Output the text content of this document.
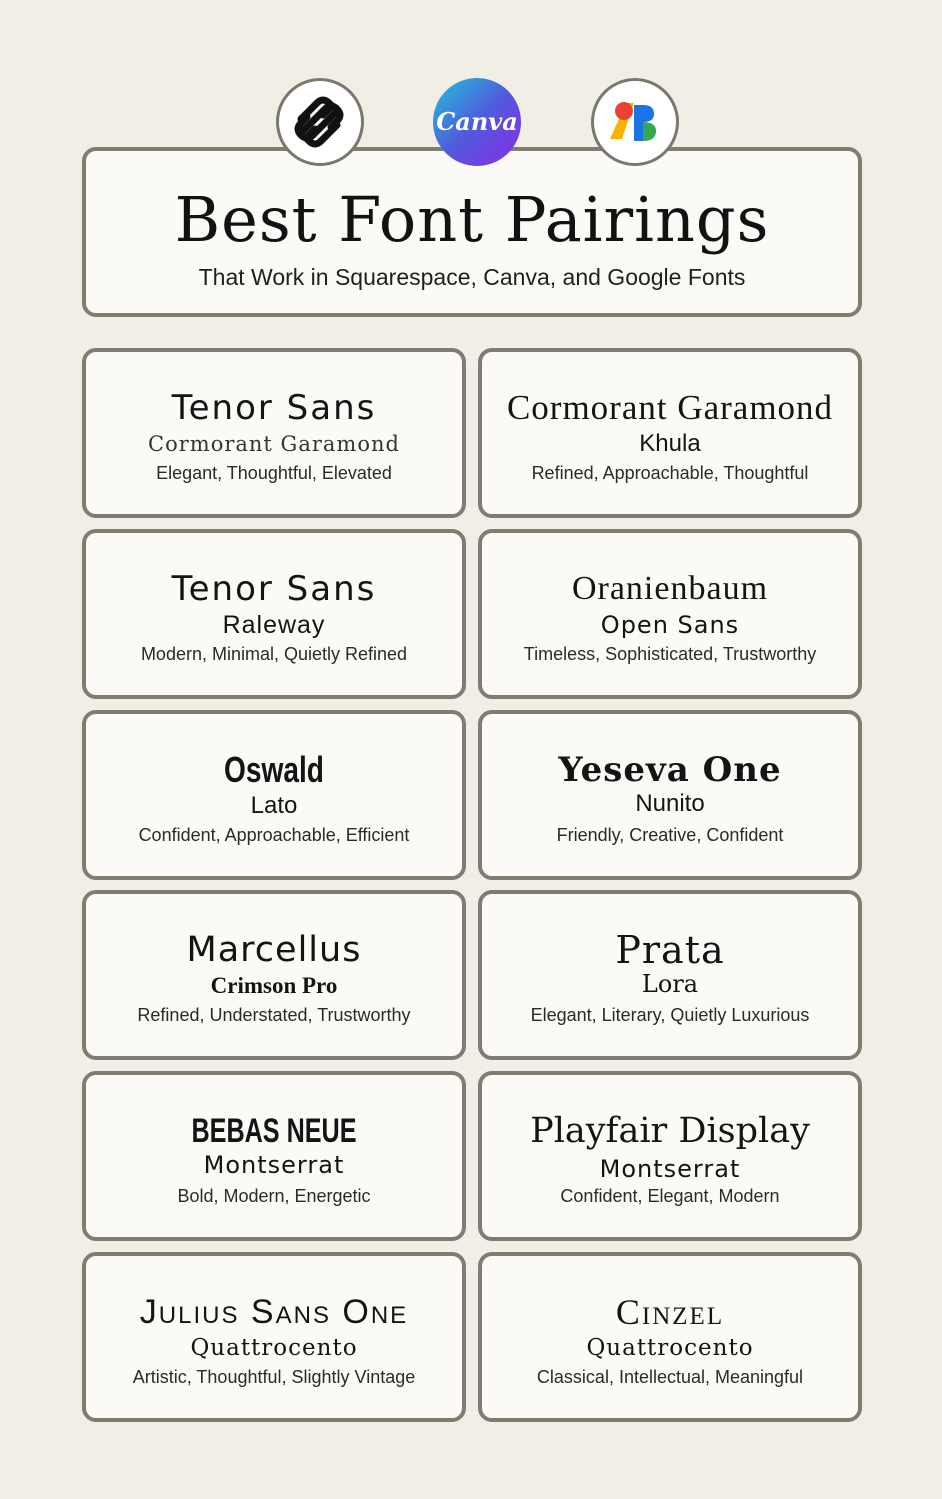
Canva
Best Font Pairings
That Work in Squarespace, Canva, and Google Fonts
Tenor Sans
Cormorant Garamond
Elegant, Thoughtful, Elevated
Cormorant Garamond
Khula
Refined, Approachable, Thoughtful
Tenor Sans
Raleway
Modern, Minimal, Quietly Refined
Oranienbaum
Open Sans
Timeless, Sophisticated, Trustworthy
Oswald
Lato
Confident, Approachable, Efficient
Yeseva One
Nunito
Friendly, Creative, Confident
Marcellus
Crimson Pro
Refined, Understated, Trustworthy
Prata
Lora
Elegant, Literary, Quietly Luxurious
BEBAS NEUE
Montserrat
Bold, Modern, Energetic
Playfair Display
Montserrat
Confident, Elegant, Modern
Julius Sans One
Quattrocento
Artistic, Thoughtful, Slightly Vintage
Cinzel
Quattrocento
Classical, Intellectual, Meaningful
